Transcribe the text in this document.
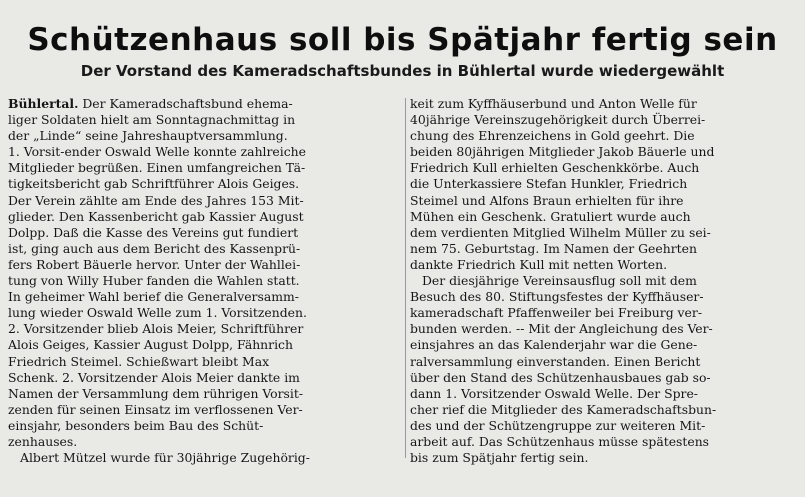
Schützenhaus soll bis Spätjahr fertig sein
Der Vorstand des Kameradschaftsbundes in Bühlertal wurde wiedergewählt
Bühlertal. Der Kameradschaftsbund ehema-
liger Soldaten hielt am Sonntagnachmittag in
der „Linde“ seine Jahreshauptversammlung.
1. Vorsit-ender Oswald Welle konnte zahlreiche
Mitglieder begrüßen. Einen umfangreichen Tä-
tigkeitsbericht gab Schriftführer Alois Geiges.
Der Verein zählte am Ende des Jahres 153 Mit-
glieder. Den Kassenbericht gab Kassier August
Dolpp. Daß die Kasse des Vereins gut fundiert
ist, ging auch aus dem Bericht des Kassenprü-
fers Robert Bäuerle hervor. Unter der Wahllei-
tung von Willy Huber fanden die Wahlen statt.
In geheimer Wahl berief die Generalversamm-
lung wieder Oswald Welle zum 1. Vorsitzenden.
2. Vorsitzender blieb Alois Meier, Schriftführer
Alois Geiges, Kassier August Dolpp, Fähnrich
Friedrich Steimel. Schießwart bleibt Max
Schenk. 2. Vorsitzender Alois Meier dankte im
Namen der Versammlung dem rührigen Vorsit-
zenden für seinen Einsatz im verflossenen Ver-
einsjahr, besonders beim Bau des Schüt-
zenhauses.
Albert Mützel wurde für 30jährige Zugehörig-
keit zum Kyffhäuserbund und Anton Welle für
40jährige Vereinszugehörigkeit durch Überrei-
chung des Ehrenzeichens in Gold geehrt. Die
beiden 80jährigen Mitglieder Jakob Bäuerle und
Friedrich Kull erhielten Geschenkkörbe. Auch
die Unterkassiere Stefan Hunkler, Friedrich
Steimel und Alfons Braun erhielten für ihre
Mühen ein Geschenk. Gratuliert wurde auch
dem verdienten Mitglied Wilhelm Müller zu sei-
nem 75. Geburtstag. Im Namen der Geehrten
dankte Friedrich Kull mit netten Worten.
Der diesjährige Vereinsausflug soll mit dem
Besuch des 80. Stiftungsfestes der Kyffhäuser-
kameradschaft Pfaffenweiler bei Freiburg ver-
bunden werden. -- Mit der Angleichung des Ver-
einsjahres an das Kalenderjahr war die Gene-
ralversammlung einverstanden. Einen Bericht
über den Stand des Schützenhausbaues gab so-
dann 1. Vorsitzender Oswald Welle. Der Spre-
cher rief die Mitglieder des Kameradschaftsbun-
des und der Schützengruppe zur weiteren Mit-
arbeit auf. Das Schützenhaus müsse spätestens
bis zum Spätjahr fertig sein.
